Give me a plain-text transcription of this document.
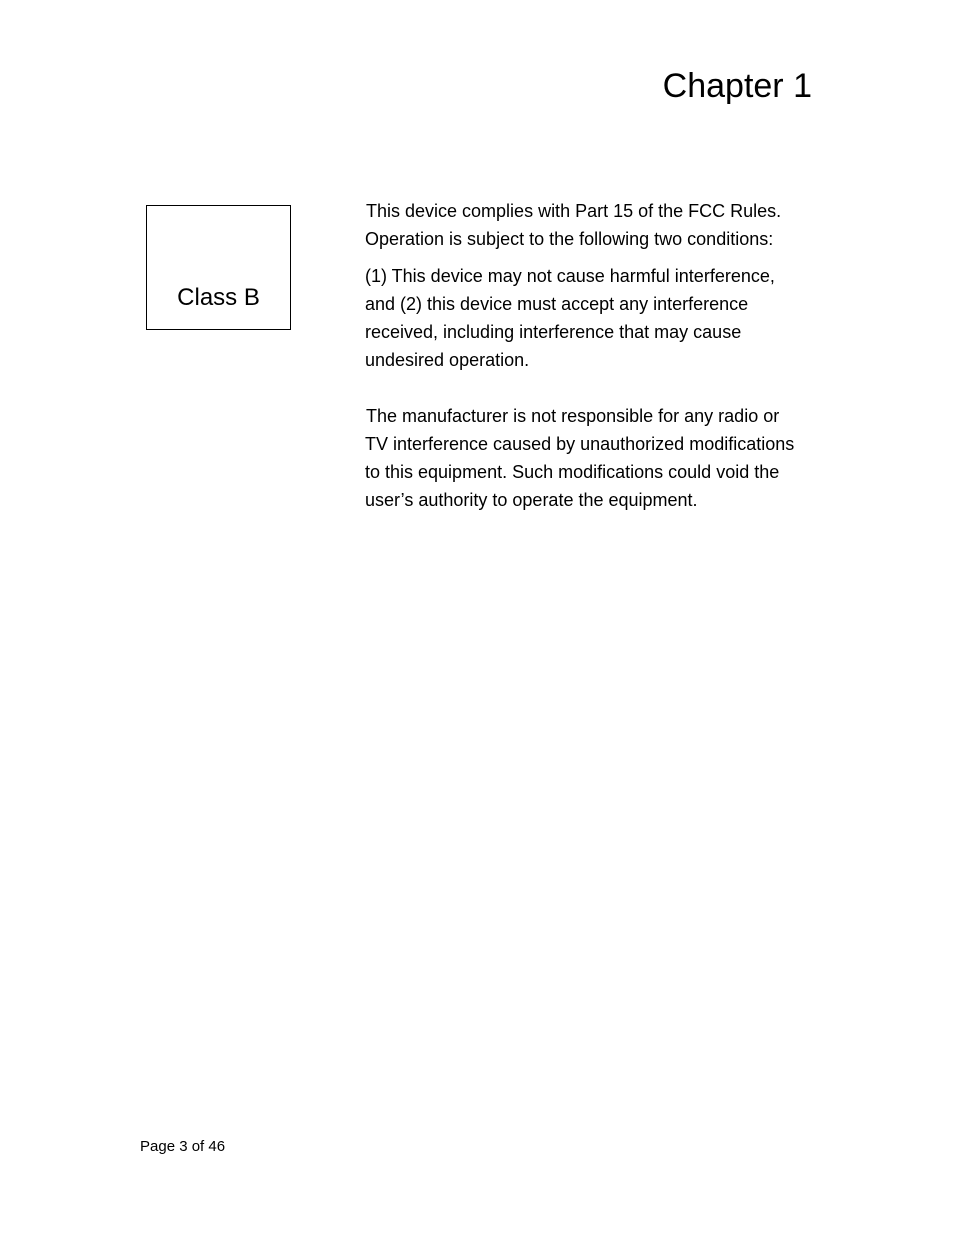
Chapter 1
Class B
This device complies with Part 15 of the FCC Rules.
Operation is subject to the following two conditions:
(1) This device may not cause harmful interference,
and (2) this device must accept any interference
received, including interference that may cause
undesired operation.
The manufacturer is not responsible for any radio or
TV interference caused by unauthorized modifications
to this equipment. Such modifications could void the
user’s authority to operate the equipment.
Page 3 of 46
